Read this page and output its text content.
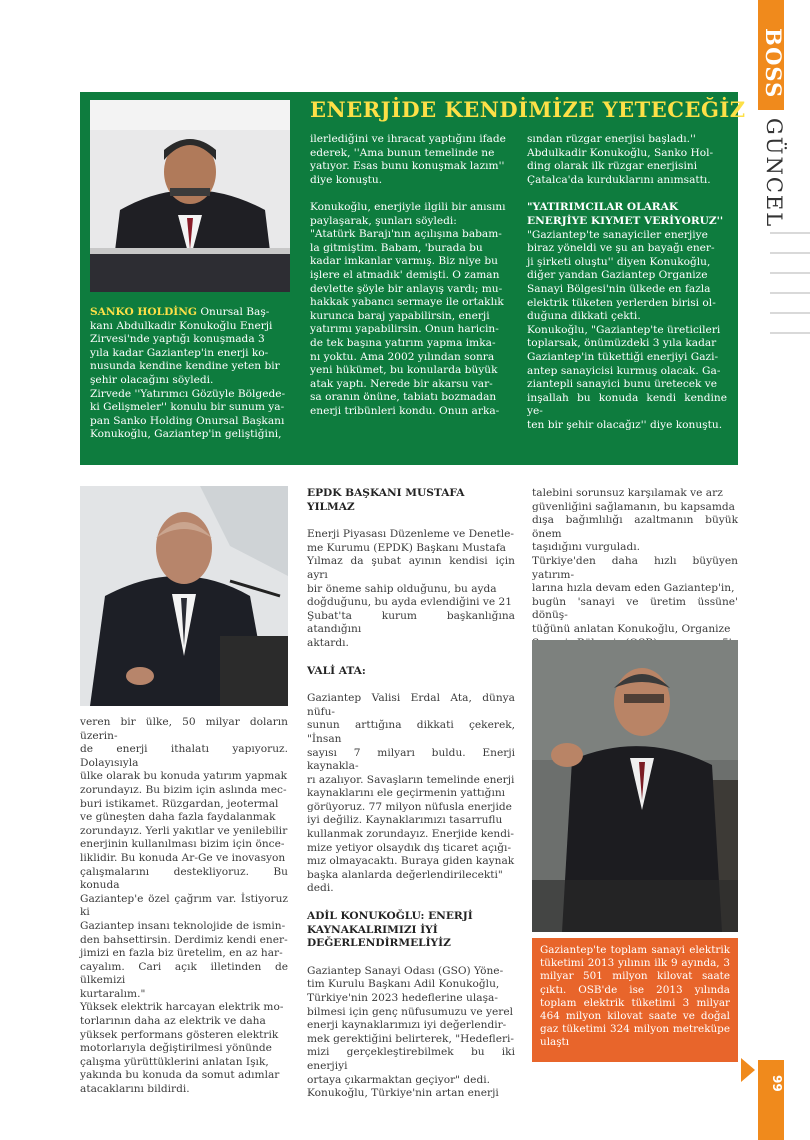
BOSS
GÜNCEL
ENERJİDE KENDİMİZE YETECEĞİZ

SANKO HOLDİNG Onursal Baş-

kanı Abdulkadir Konukoğlu Enerji

Zirvesi'nde yaptığı konuşmada 3

yıla kadar Gaziantep'in enerji ko-

nusunda kendine kendine yeten bir

şehir olacağını söyledi.

Zirvede ''Yatırımcı Gözüyle Bölgede-

ki Gelişmeler'' konulu bir sunum ya-

pan Sanko Holding Onursal Başkanı

Konukoğlu, Gaziantep'in geliştiğini,

ilerlediğini ve ihracat yaptığını ifade

ederek, ''Ama bunun temelinde ne

yatıyor. Esas bunu konuşmak lazım''

diye konuştu.

Konukoğlu, enerjiyle ilgili bir anısını

paylaşarak, şunları söyledi:

"Atatürk Barajı'nın açılışına babam-

la gitmiştim. Babam, 'burada bu

kadar imkanlar varmış. Biz niye bu

işlere el atmadık' demişti. O zaman

devlette şöyle bir anlayış vardı; mu-

hakkak yabancı sermaye ile ortaklık

kurunca baraj yapabilirsin, enerji

yatırımı yapabilirsin. Onun haricin-

de tek başına yatırım yapma imka-

nı yoktu. Ama 2002 yılından sonra

yeni hükümet, bu konularda büyük

atak yaptı. Nerede bir akarsu var-

sa oranın önüne, tabiatı bozmadan

enerji tribünleri kondu. Onun arka-

sından rüzgar enerjisi başladı.''

Abdulkadir Konukoğlu, Sanko Hol-

ding olarak ilk rüzgar enerjisini

Çatalca'da kurduklarını anımsattı.

"YATIRIMCILAR OLARAK

ENERJİYE KIYMET VERİYORUZ''

"Gaziantep'te sanayiciler enerjiye

biraz yöneldi ve şu an bayağı ener-

ji şirketi oluştu'' diyen Konukoğlu,

diğer yandan Gaziantep Organize

Sanayi Bölgesi'nin ülkede en fazla

elektrik tüketen yerlerden birisi ol-

duğuna dikkati çekti.

Konukoğlu, "Gaziantep'te üreticileri

toplarsak, önümüzdeki 3 yıla kadar

Gaziantep'in tükettiği enerjiyi Gazi-

antep sanayicisi kurmuş olacak. Ga-

ziantepli sanayici bunu üretecek ve

inşallah bu konuda kendi kendine ye-

ten bir şehir olacağız'' diye konuştu.

veren bir ülke, 50 milyar doların üzerin-

de enerji ithalatı yapıyoruz. Dolayısıyla

ülke olarak bu konuda yatırım yapmak

zorundayız. Bu bizim için aslında mec-

buri istikamet. Rüzgardan, jeotermal

ve güneşten daha fazla faydalanmak

zorundayız. Yerli yakıtlar ve yenilebilir

enerjinin kullanılması bizim için önce-

liklidir. Bu konuda Ar-Ge ve inovasyon

çalışmalarını destekliyoruz. Bu konuda

Gaziantep'e özel çağrım var. İstiyoruz ki

Gaziantep insanı teknolojide de ismin-

den bahsettirsin. Derdimiz kendi ener-

jimizi en fazla biz üretelim, en az har-

cayalım. Cari açık illetinden de ülkemizi

kurtaralım."

Yüksek elektrik harcayan elektrik mo-

torlarının daha az elektrik ve daha

yüksek performans gösteren elektrik

motorlarıyla değiştirilmesi yönünde

çalışma yürüttüklerini anlatan Işık,

yakında bu konuda da somut adımlar

atacaklarını bildirdi.

EPDK BAŞKANI MUSTAFA YILMAZ

Enerji Piyasası Düzenleme ve Denetle-

me Kurumu (EPDK) Başkanı Mustafa

Yılmaz da şubat ayının kendisi için ayrı

bir öneme sahip olduğunu, bu ayda

doğduğunu, bu ayda evlendiğini ve 21

Şubat'ta kurum başkanlığına atandığını

aktardı.

VALİ ATA:

Gaziantep Valisi Erdal Ata, dünya nüfu-

sunun arttığına dikkati çekerek, "İnsan

sayısı 7 milyarı buldu. Enerji kaynakla-

rı azalıyor. Savaşların temelinde enerji

kaynaklarını ele geçirmenin yattığını

görüyoruz. 77 milyon nüfusla enerjide

iyi değiliz. Kaynaklarımızı tasarruflu

kullanmak zorundayız. Enerjide kendi-

mize yetiyor olsaydık dış ticaret açığı-

mız olmayacaktı. Buraya giden kaynak

başka alanlarda değerlendirilecekti"

dedi.

ADİL KONUKOĞLU: ENERJİ

KAYNAKALRIMIZI İYİ

DEĞERLENDİRMELİYİZ

Gaziantep Sanayi Odası (GSO) Yöne-

tim Kurulu Başkanı Adil Konukoğlu,

Türkiye'nin 2023 hedeflerine ulaşa-

bilmesi için genç nüfusumuzu ve yerel

enerji kaynaklarımızı iyi değerlendir-

mek gerektiğini belirterek, "Hedefleri-

mizi gerçekleştirebilmek bu iki enerjiyi

ortaya çıkarmaktan geçiyor" dedi.

Konukoğlu, Türkiye'nin artan enerji

talebini sorunsuz karşılamak ve arz

güvenliğini sağlamanın, bu kapsamda

dışa bağımlılığı azaltmanın büyük önem

taşıdığını vurguladı.

Türkiye'den daha hızlı büyüyen yatırım-

larına hızla devam eden Gaziantep'in,

bugün 'sanayi ve üretim üssüne' dönüş-

tüğünü anlatan Konukoğlu, Organize

Gaziantep'te toplam sanayi elektrik tüketimi 2013 yılının ilk 9 ayında, 3 milyar 501 milyon kilovat saate çıktı. OSB'de ise 2013 yılında toplam elektrik tüketimi 3 milyar 464 milyon kilovat saate ve doğal gaz tüketimi 324 milyon metreküpe ulaştı

99
